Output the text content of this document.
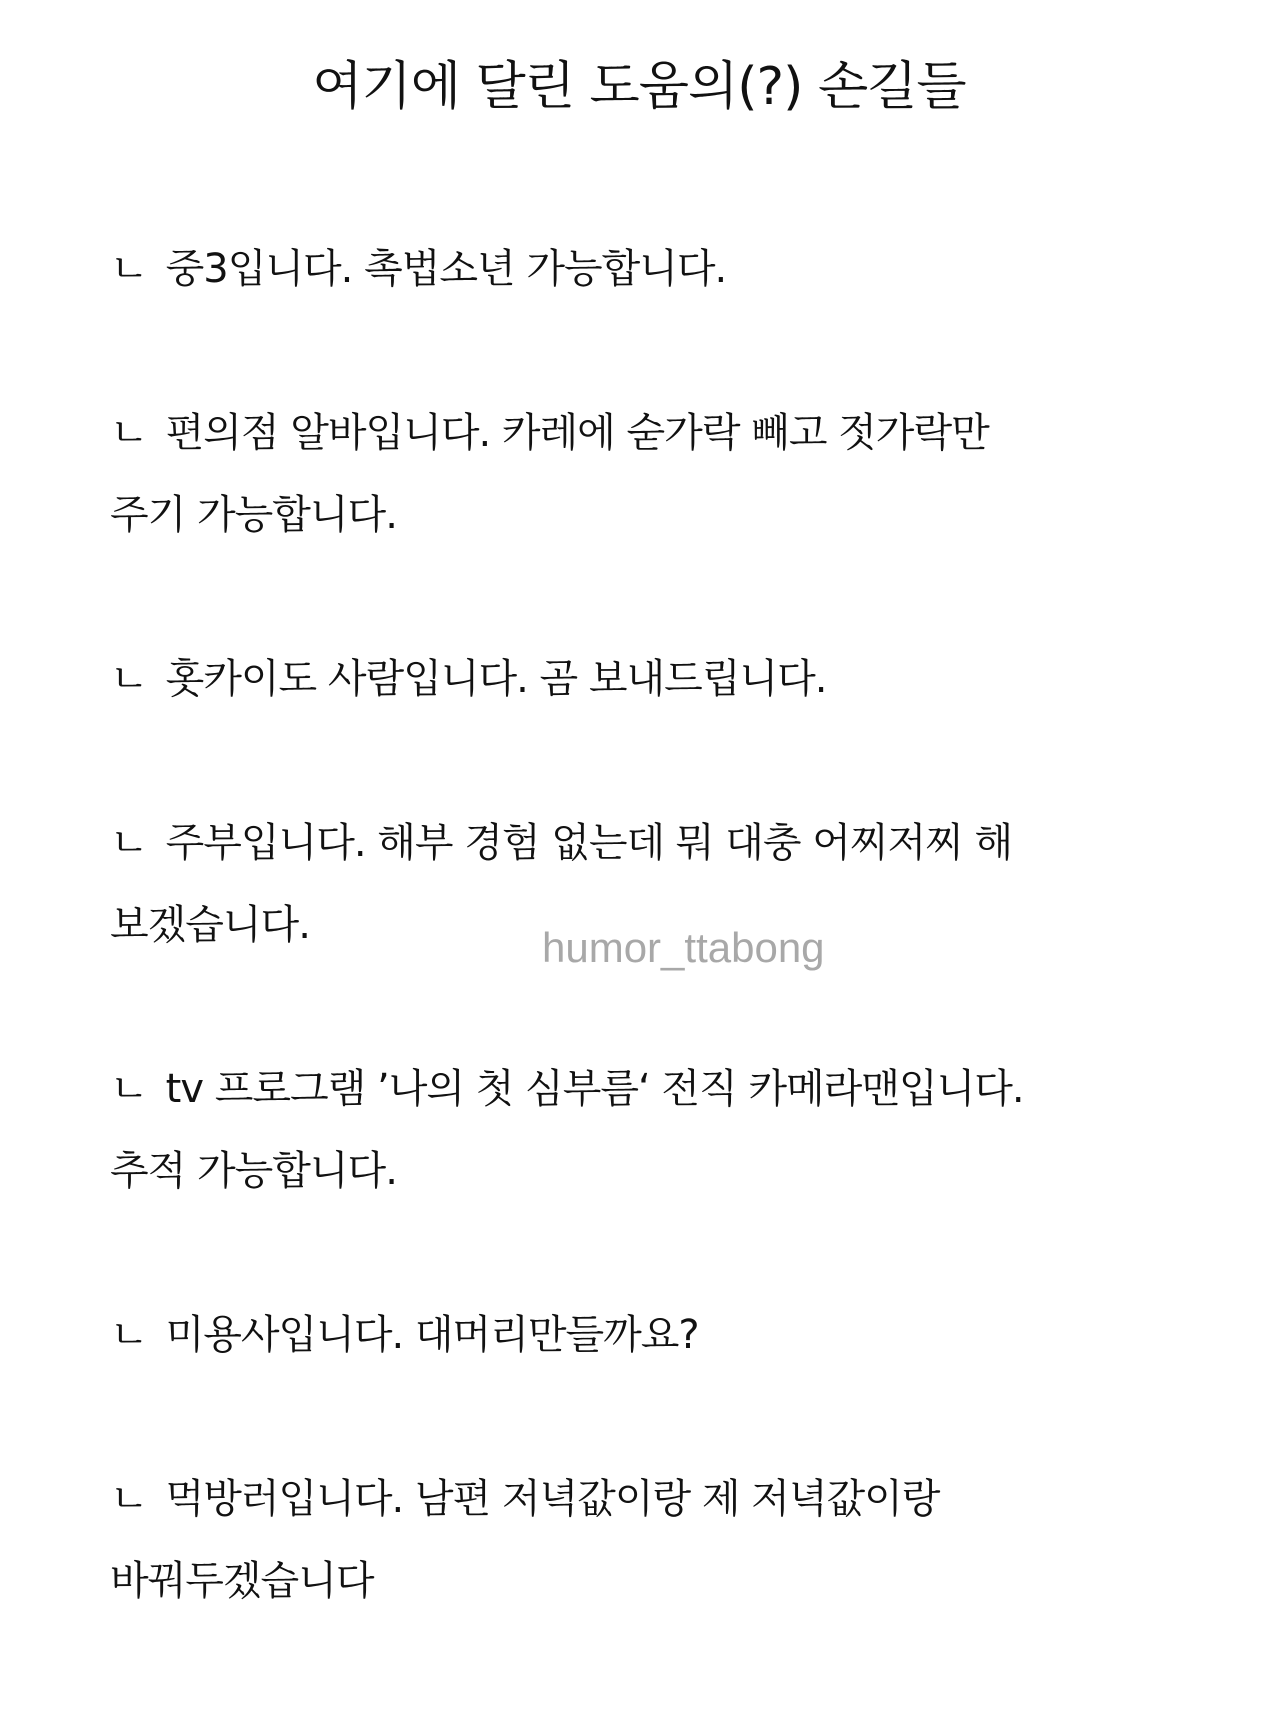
여기에 달린 도움의(?) 손길들
ㄴ 중3입니다. 촉법소년 가능합니다.
ㄴ 편의점 알바입니다. 카레에 숟가락 빼고 젓가락만
주기 가능합니다.
ㄴ 홋카이도 사람입니다. 곰 보내드립니다.
ㄴ 주부입니다. 해부 경험 없는데 뭐 대충 어찌저찌 해
보겠습니다.
ㄴ tv 프로그램 ’나의 첫 심부름‘ 전직 카메라맨입니다.
추적 가능합니다.
ㄴ 미용사입니다. 대머리만들까요?
ㄴ 먹방러입니다. 남편 저녁값이랑 제 저녁값이랑
바꿔두겠습니다
humor_ttabong
